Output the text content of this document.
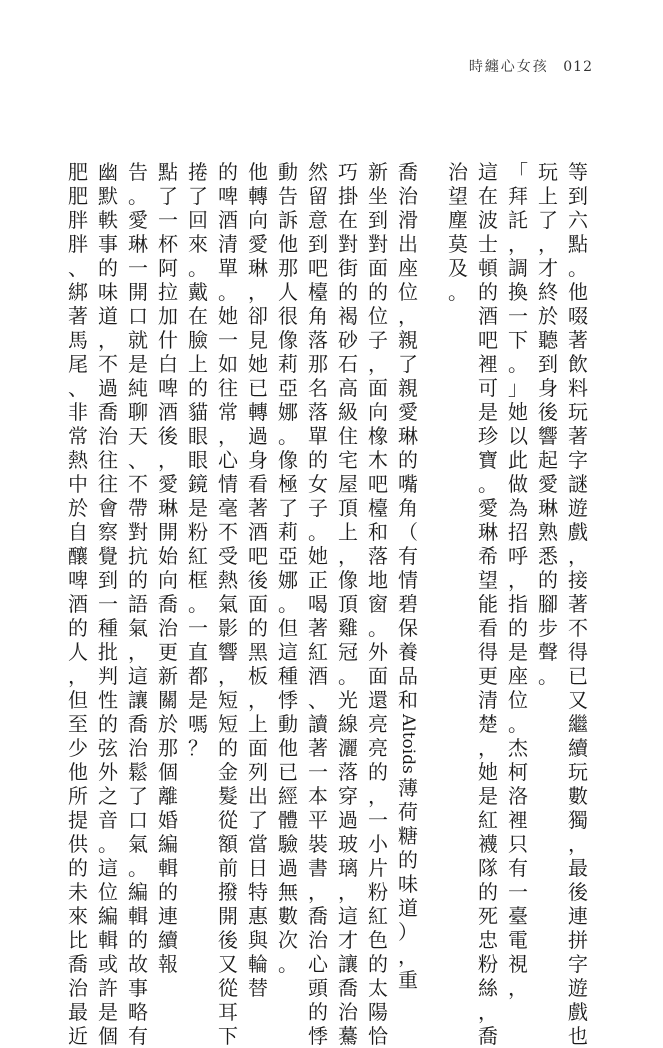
時纏心女孩 012
等
到
六
點
。
他
啜
著
飲
料
玩
著
字
謎
遊
戲
，
接
著
不
得
已
又
繼
續
玩
數
獨
，
最
後
連
拼
字
遊
戲
也
玩
上
了
，
才
終
於
聽
到
身
後
響
起
愛
琳
熟
悉
的
腳
步
聲
。
「
拜
託
，
調
換
一
下
。
」
她
以
此
做
為
招
呼
，
指
的
是
座
位
。
杰
柯
洛
裡
只
有
一
臺
電
視
，
這
在
波
士
頓
的
酒
吧
裡
可
是
珍
寶
。
愛
琳
希
望
能
看
得
更
清
楚
，
她
是
紅
襪
隊
的
死
忠
粉
絲
，
喬
治
望
塵
莫
及
。
喬
治
滑
出
座
位
，
親
了
親
愛
琳
的
嘴
角
（
有
情
碧
保
養
品
和
Altoids
薄
荷
糖
的
味
道
）
，
重
新
坐
到
對
面
的
位
子
，
面
向
橡
木
吧
檯
和
落
地
窗
。
外
面
還
亮
亮
的
，
一
小
片
粉
紅
色
的
太
陽
恰
巧
掛
在
對
街
的
褐
砂
石
高
級
住
宅
屋
頂
上
，
像
頂
雞
冠
。
光
線
灑
落
穿
過
玻
璃
，
這
才
讓
喬
治
驀
然
留
意
到
吧
檯
角
落
那
名
落
單
的
女
子
。
她
正
喝
著
紅
酒
、
讀
著
一
本
平
裝
書
，
喬
治
心
頭
的
悸
動
告
訴
他
那
人
很
像
莉
亞
娜
。
像
極
了
莉
亞
娜
。
但
這
種
悸
動
他
已
經
體
驗
過
無
數
次
。
他
轉
向
愛
琳
，
卻
見
她
已
轉
過
身
看
著
酒
吧
後
面
的
黑
板
，
上
面
列
出
了
當
日
特
惠
與
輪
替
的
啤
酒
清
單
。
她
一
如
往
常
，
心
情
毫
不
受
熱
氣
影
響
，
短
短
的
金
髮
從
額
前
撥
開
後
又
從
耳
下
捲
了
回
來
。
戴
在
臉
上
的
貓
眼
眼
鏡
是
粉
紅
框
。
一
直
都
是
嗎
？
點
了
一
杯
阿
拉
加
什
白
啤
酒
後
，
愛
琳
開
始
向
喬
治
更
新
關
於
那
個
離
婚
編
輯
的
連
續
報
告
。
愛
琳
一
開
口
就
是
純
聊
天
、
不
帶
對
抗
的
語
氣
，
這
讓
喬
治
鬆
了
口
氣
。
編
輯
的
故
事
略
有
幽
默
軼
事
的
味
道
，
不
過
喬
治
往
往
會
察
覺
到
一
種
批
判
性
的
弦
外
之
音
。
這
位
編
輯
或
許
是
個
肥
肥
胖
胖
、
綁
著
馬
尾
、
非
常
熱
中
於
自
釀
啤
酒
的
人
，
但
至
少
他
所
提
供
的
未
來
比
喬
治
最
近
